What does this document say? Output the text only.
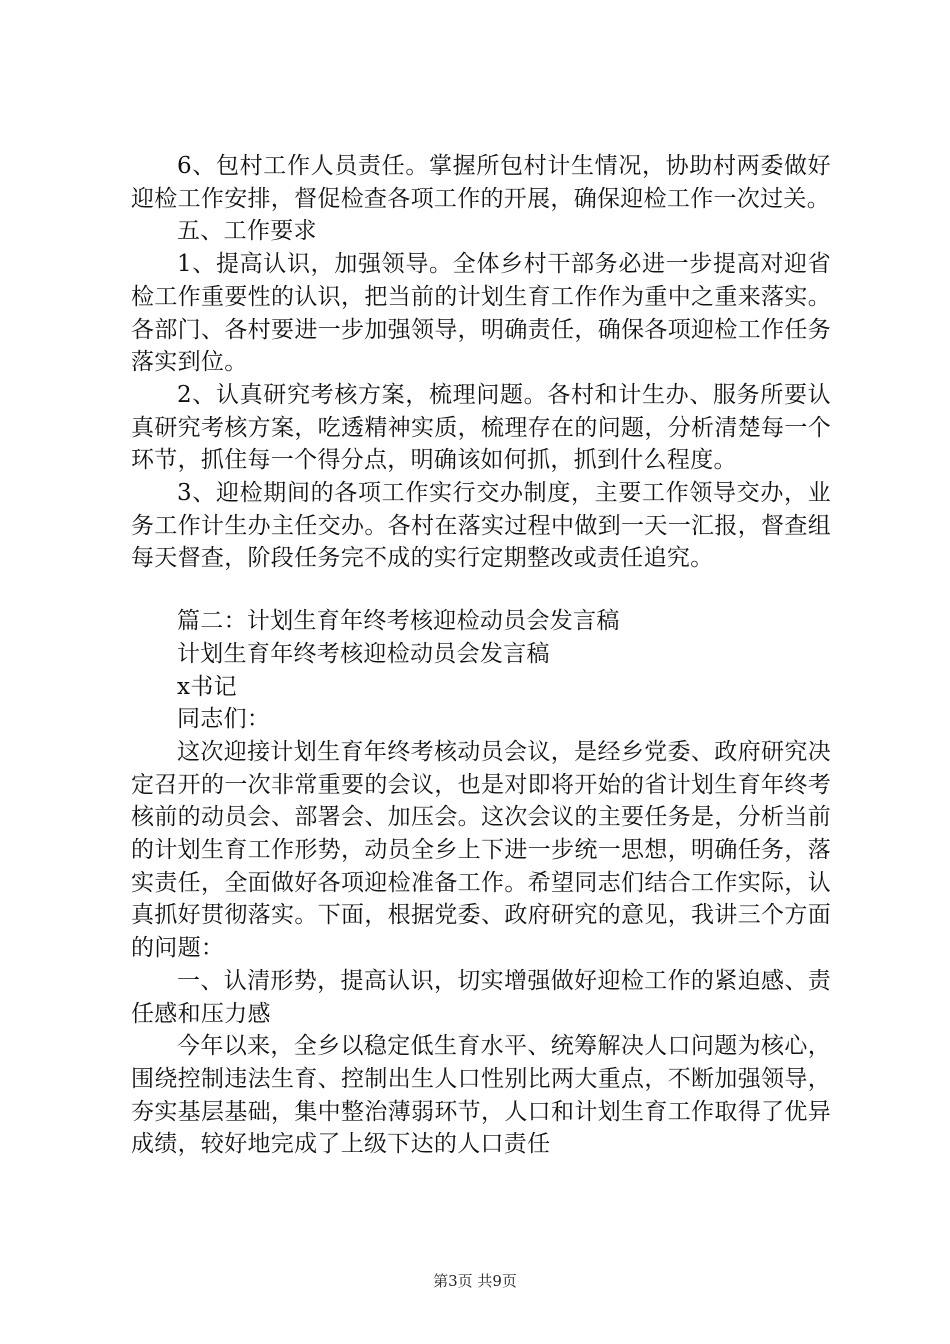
6、包村工作人员责任。掌握所包村计生情况，协助村两委做好迎检工作安排，督促检查各项工作的开展，确保迎检工作一次过关。

五、工作要求

1、提高认识，加强领导。全体乡村干部务必进一步提高对迎省检工作重要性的认识，把当前的计划生育工作作为重中之重来落实。各部门、各村要进一步加强领导，明确责任，确保各项迎检工作任务落实到位。

2、认真研究考核方案，梳理问题。各村和计生办、服务所要认真研究考核方案，吃透精神实质，梳理存在的问题，分析清楚每一个环节，抓住每一个得分点，明确该如何抓，抓到什么程度。

3、迎检期间的各项工作实行交办制度，主要工作领导交办，业务工作计生办主任交办。各村在落实过程中做到一天一汇报，督查组每天督查，阶段任务完不成的实行定期整改或责任追究。

篇二：计划生育年终考核迎检动员会发言稿

计划生育年终考核迎检动员会发言稿

x书记

同志们：

这次迎接计划生育年终考核动员会议，是经乡党委、政府研究决定召开的一次非常重要的会议，也是对即将开始的省计划生育年终考核前的动员会、部署会、加压会。这次会议的主要任务是，分析当前的计划生育工作形势，动员全乡上下进一步统一思想，明确任务，落实责任，全面做好各项迎检准备工作。希望同志们结合工作实际，认真抓好贯彻落实。下面，根据党委、政府研究的意见，我讲三个方面的问题：

一、认清形势，提高认识，切实增强做好迎检工作的紧迫感、责任感和压力感

今年以来，全乡以稳定低生育水平、统筹解决人口问题为核心，围绕控制违法生育、控制出生人口性别比两大重点，不断加强领导，夯实基层基础，集中整治薄弱环节，人口和计划生育工作取得了优异成绩，较好地完成了上级下达的人口责任

第3页 共9页
